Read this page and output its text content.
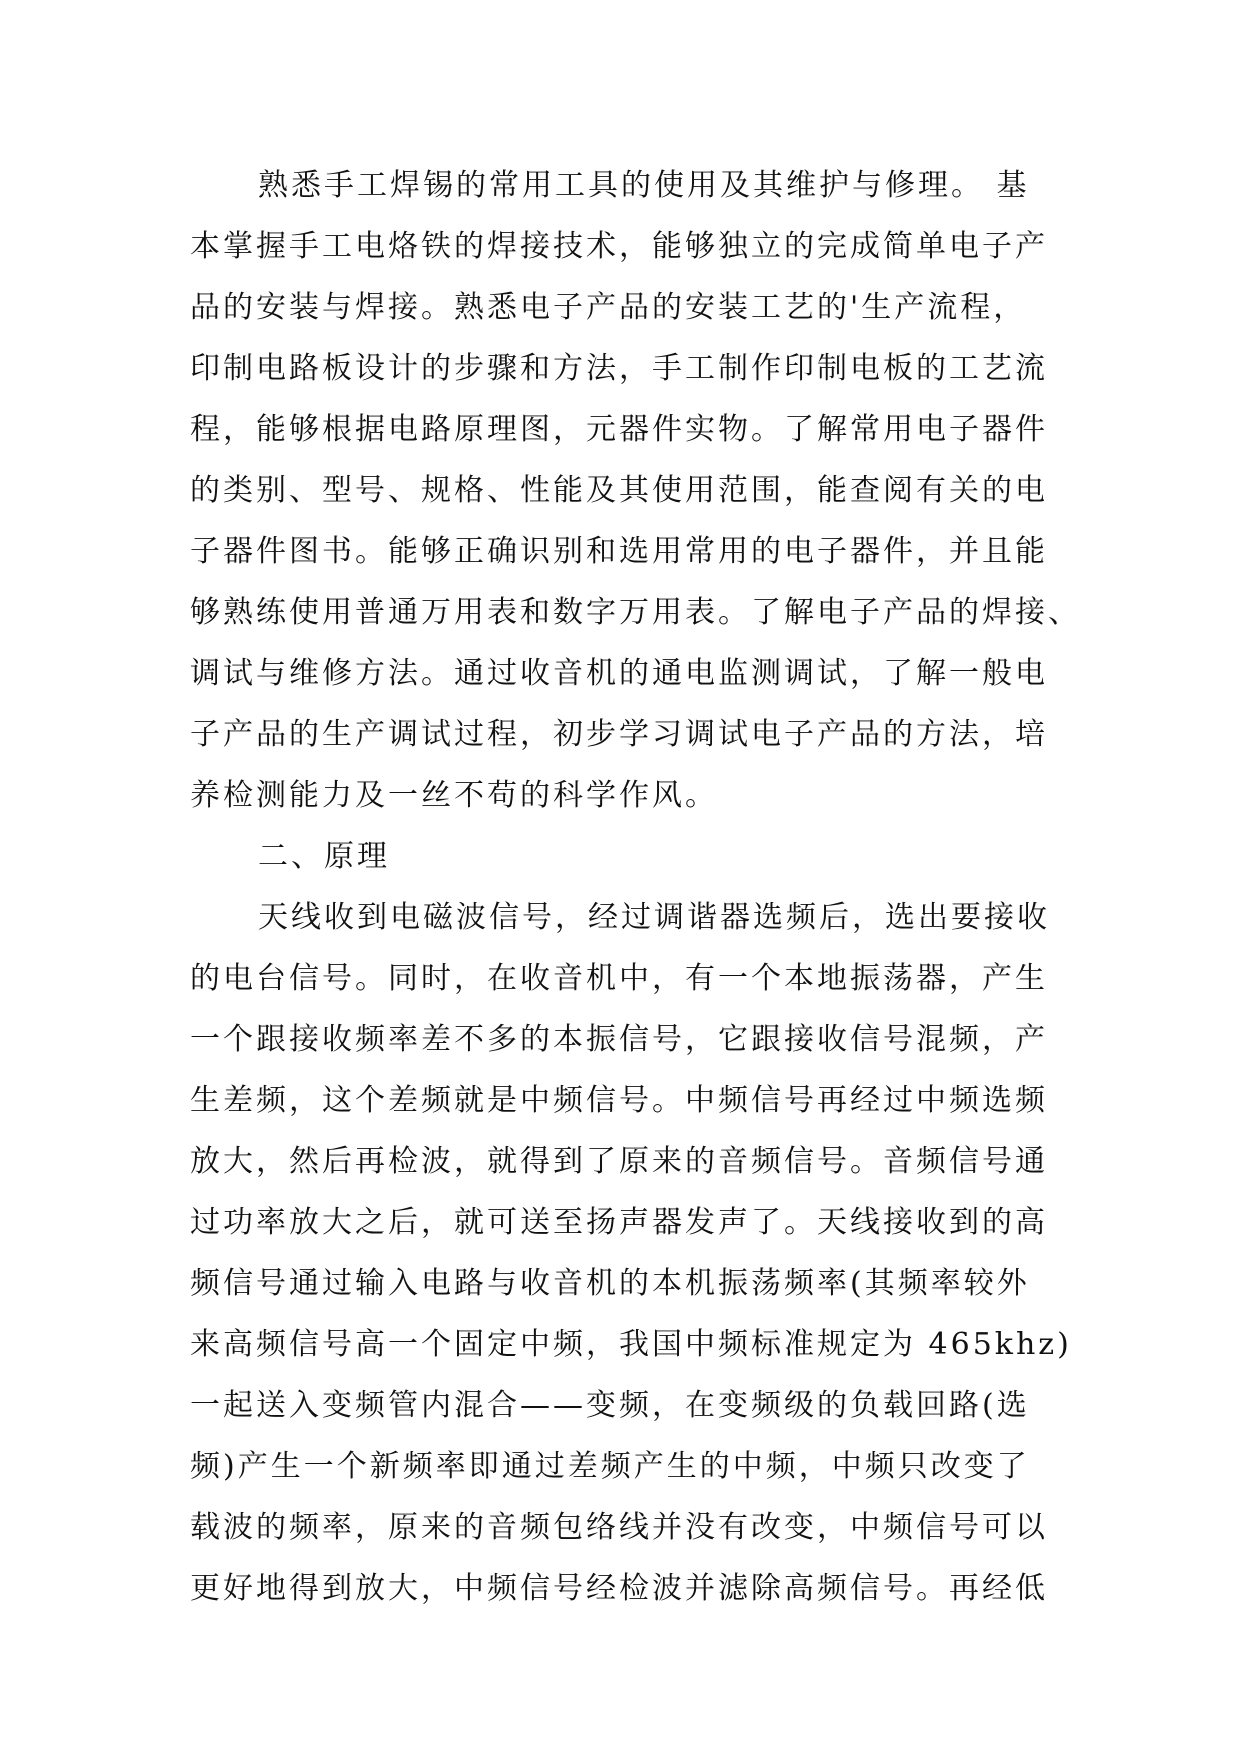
熟悉手工焊锡的常用工具的使用及其维护与修理。 基
本掌握手工电烙铁的焊接技术，能够独立的完成简单电子产
品的安装与焊接。熟悉电子产品的安装工艺的'生产流程，
印制电路板设计的步骤和方法，手工制作印制电板的工艺流
程，能够根据电路原理图，元器件实物。了解常用电子器件
的类别、型号、规格、性能及其使用范围，能查阅有关的电
子器件图书。能够正确识别和选用常用的电子器件，并且能
够熟练使用普通万用表和数字万用表。了解电子产品的焊接、
调试与维修方法。通过收音机的通电监测调试，了解一般电
子产品的生产调试过程，初步学习调试电子产品的方法，培
养检测能力及一丝不苟的科学作风。
二、原理
天线收到电磁波信号，经过调谐器选频后，选出要接收
的电台信号。同时，在收音机中，有一个本地振荡器，产生
一个跟接收频率差不多的本振信号，它跟接收信号混频，产
生差频，这个差频就是中频信号。中频信号再经过中频选频
放大，然后再检波，就得到了原来的音频信号。音频信号通
过功率放大之后，就可送至扬声器发声了。天线接收到的高
频信号通过输入电路与收音机的本机振荡频率(其频率较外
来高频信号高一个固定中频，我国中频标准规定为 465khz)
一起送入变频管内混合——变频，在变频级的负载回路(选
频)产生一个新频率即通过差频产生的中频，中频只改变了
载波的频率，原来的音频包络线并没有改变，中频信号可以
更好地得到放大，中频信号经检波并滤除高频信号。再经低
